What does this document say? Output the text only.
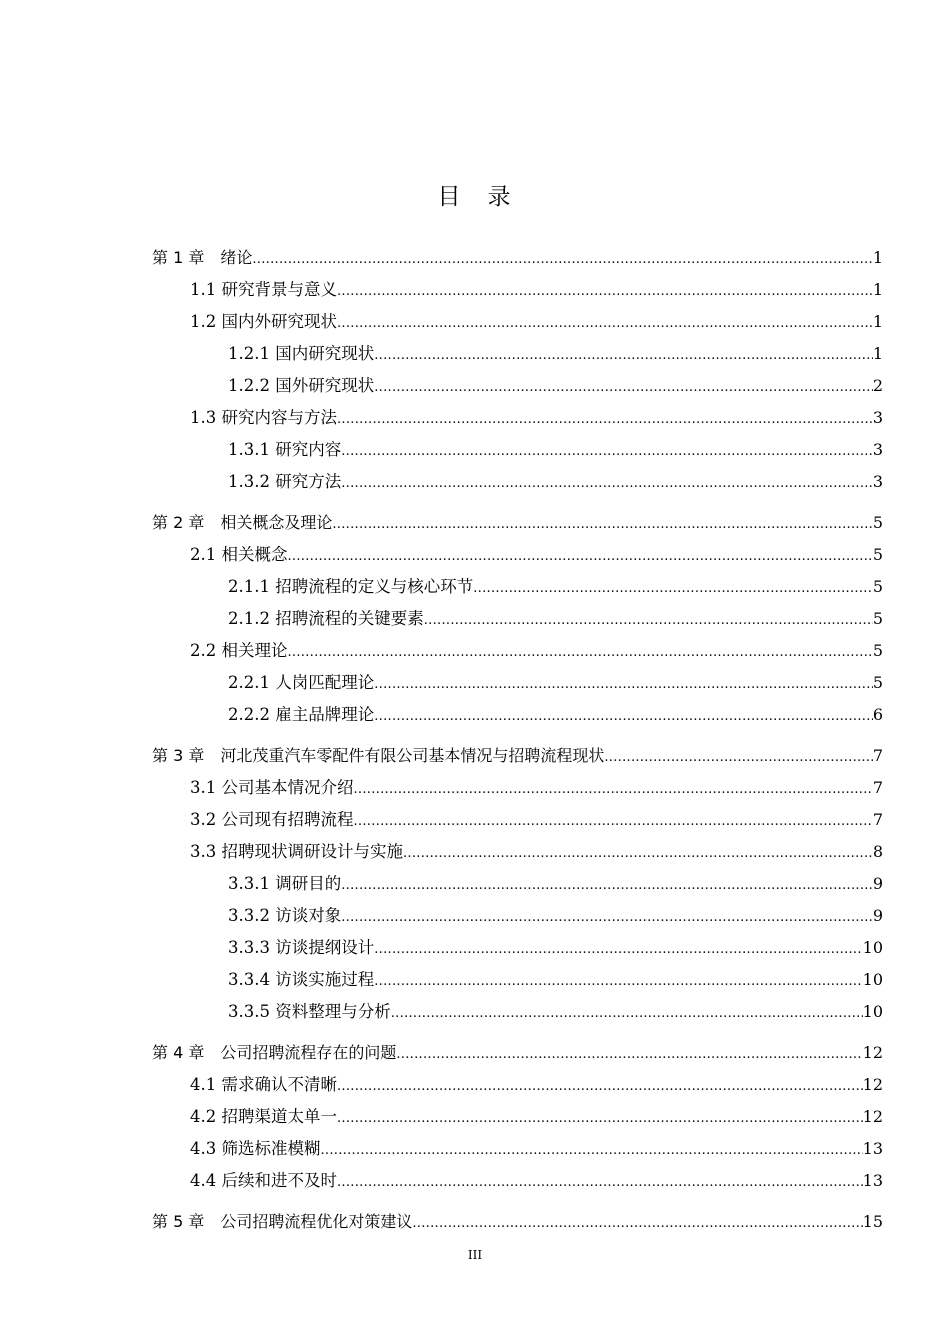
目　录
第 1 章　绪论 .....	1
1.1 研究背景与意义 .....	1
1.2 国内外研究现状 .....	1
1.2.1 国内研究现状 .....	1
1.2.2 国外研究现状 .....	2
1.3 研究内容与方法 .....	3
1.3.1 研究内容 .....	3
1.3.2 研究方法 .....	3
第 2 章　相关概念及理论 .....	5
2.1 相关概念 .....	5
2.1.1 招聘流程的定义与核心环节 .....	5
2.1.2 招聘流程的关键要素 .....	5
2.2 相关理论 .....	5
2.2.1 人岗匹配理论 .....	5
2.2.2 雇主品牌理论 .....	6
第 3 章　河北茂重汽车零配件有限公司基本情况与招聘流程现状 .....	7
3.1 公司基本情况介绍 .....	7
3.2 公司现有招聘流程 .....	7
3.3 招聘现状调研设计与实施 .....	8
3.3.1 调研目的 .....	9
3.3.2 访谈对象 .....	9
3.3.3 访谈提纲设计 .....	10
3.3.4 访谈实施过程 .....	10
3.3.5 资料整理与分析 .....	10
第 4 章　公司招聘流程存在的问题 .....	12
4.1 需求确认不清晰 .....	12
4.2 招聘渠道太单一 .....	12
4.3 筛选标准模糊 .....	13
4.4 后续和进不及时 .....	13
第 5 章　公司招聘流程优化对策建议 .....	15
III
